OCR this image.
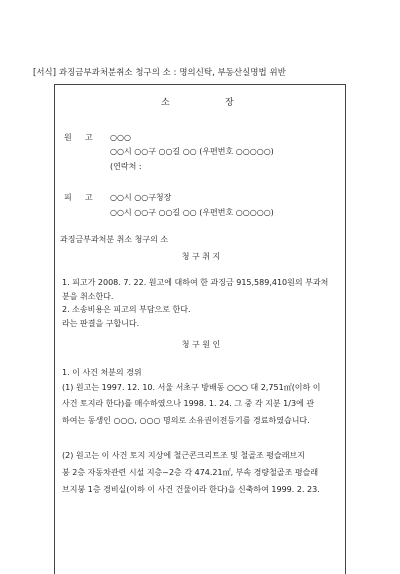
[서식] 과징금부과처분취소 청구의 소 : 명의신탁, 부동산실명법 위반
소	장
원 고 ○○○
○○시 ○○구 ○○길 ○○ (우편번호 ○○○○○)
(연락처 :
피 고 ○○시 ○○구청장
○○시 ○○구 ○○길 ○○ (우편번호 ○○○○○)
과징금부과처분 취소 청구의 소
청 구 취 지
1. 피고가 2008. 7. 22. 원고에 대하여 한 과징금 915,589,410원의 부과처
분을 취소한다.
2. 소송비용은 피고의 부담으로 한다.
라는 판결을 구합니다.
청 구 원 인
1. 이 사건 처분의 경위
(1) 원고는 1997. 12. 10. 서울 서초구 방배동 ○○○ 대 2,751㎡(이하 이
사건 토지라 한다)를 매수하였으나 1998. 1. 24. 그 중 각 지분 1/3에 관
하여는 동생인 ○○○, ○○○ 명의로 소유권이전등기를 경료하였습니다.
(2) 원고는 이 사건 토지 지상에 철근콘크리트조 및 철골조 평슬래브지
붕 2층 자동차관련 시설 지층~2층 각 474.21㎡, 부속 경량철골조 평슬래
브지붕 1층 경비실(이하 이 사건 건물이라 한다)을 신축하여 1999. 2. 23.
